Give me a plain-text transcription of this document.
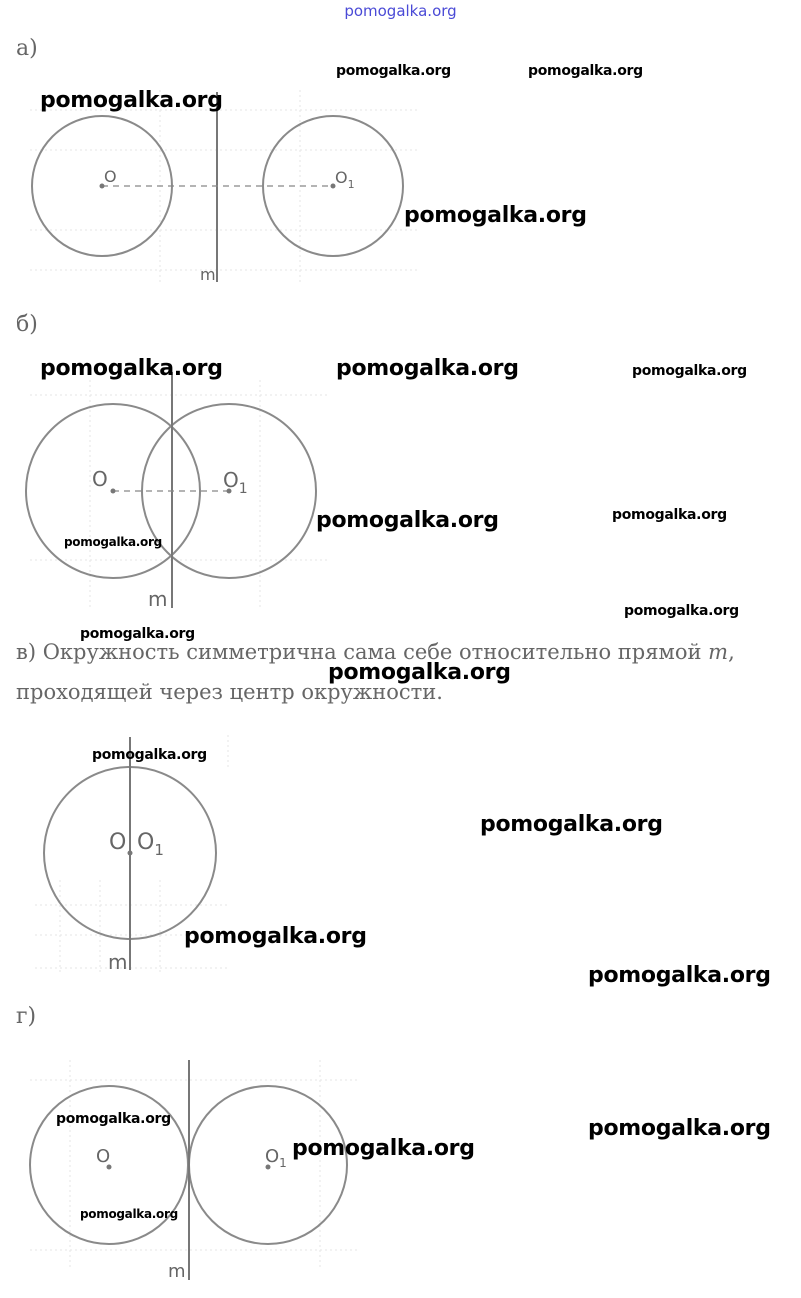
pomogalka.org
а)
O	$O_1$
m
O	$O_1$
m
O $O_1$
m
O	$O_1$
m
б)
в) Окружность симметрична сама себе относительно прямой m,
проходящей через центр окружности.
г)
pomogalka.org	pomogalka.org
pomogalka.org
pomogalka.org
pomogalka.org	pomogalka.org	pomogalka.org
pomogalka.org	pomogalka.org
pomogalka.org
pomogalka.org
pomogalka.org
pomogalka.org
pomogalka.org
pomogalka.org
pomogalka.org
pomogalka.org
pomogalka.org
pomogalka.org
pomogalka.org
pomogalka.org
